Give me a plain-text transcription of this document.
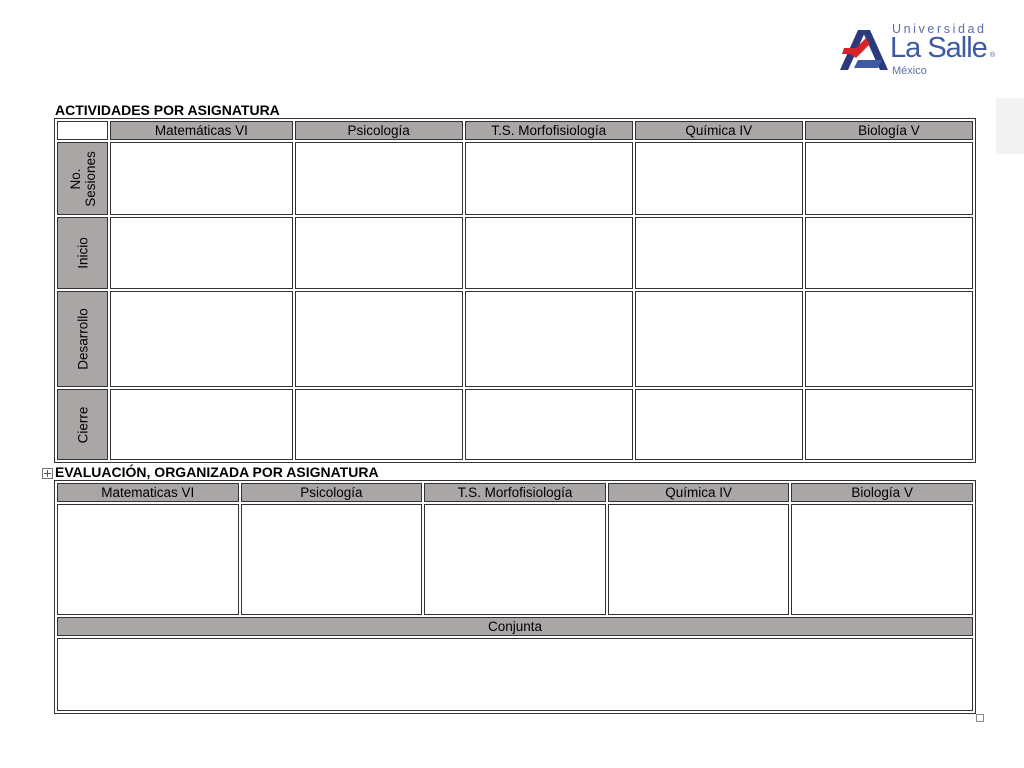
Universidad
La Salle ®
México
ACTIVIDADES POR ASIGNATURA
	Matemáticas VI	Psicología	T.S. Morfofisiología	Química IV	Biología V

No. Sesiones					

Inicio					

Desarrollo					

Cierre					

EVALUACIÓN, ORGANIZADA POR ASIGNATURA
Matematicas VI	Psicología	T.S. Morfofisiología	Química IV	Biología V

Conjunta				
